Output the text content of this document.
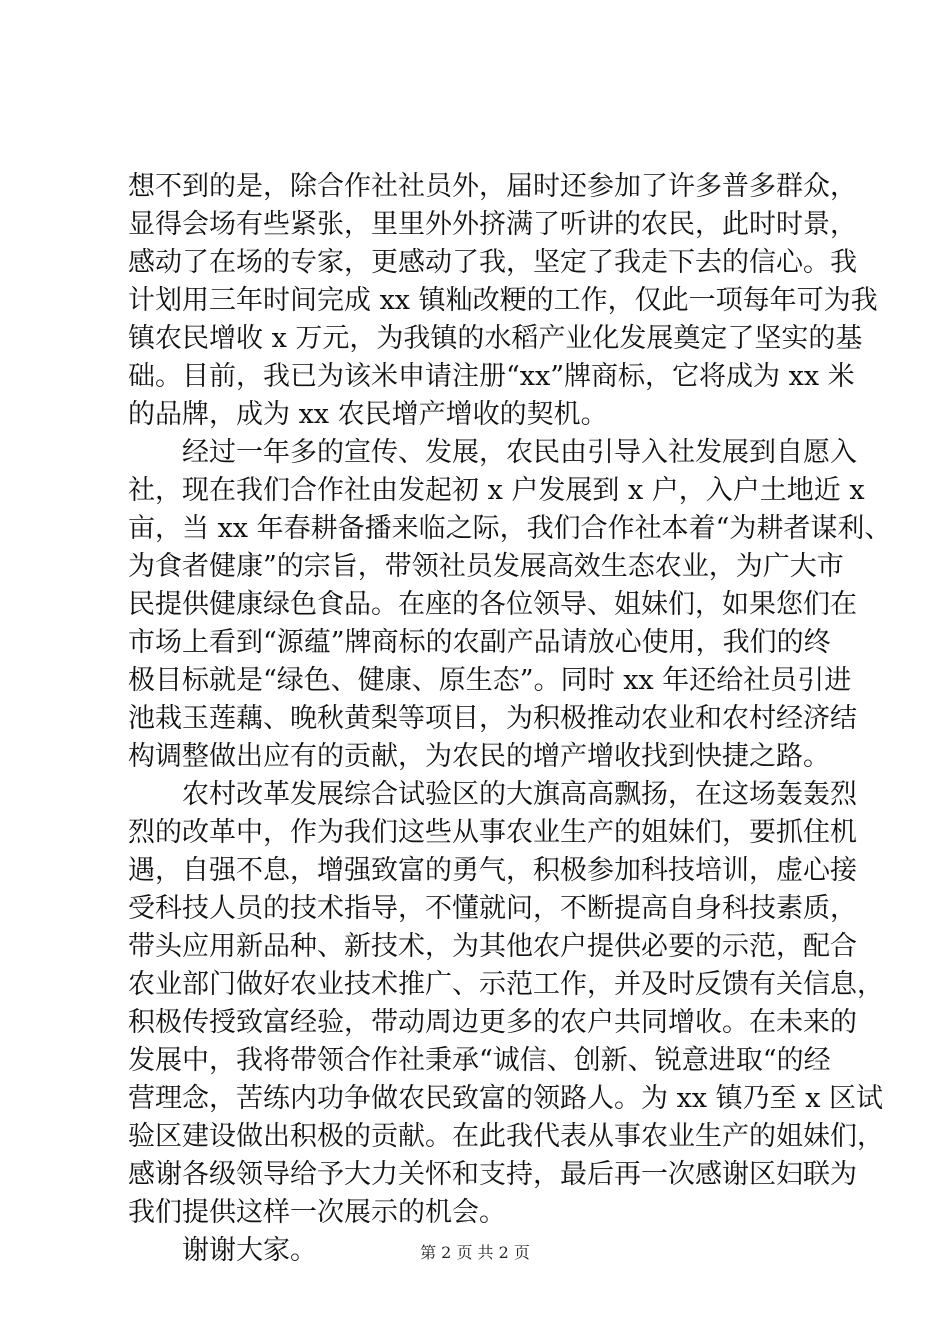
想不到的是，除合作社社员外，届时还参加了许多普多群众，
显得会场有些紧张，里里外外挤满了听讲的农民，此时时景，
感动了在场的专家，更感动了我，坚定了我走下去的信心。我
计划用三年时间完成 xx 镇籼改粳的工作，仅此一项每年可为我
镇农民增收 x 万元，为我镇的水稻产业化发展奠定了坚实的基
础。目前，我已为该米申请注册“xx”牌商标，它将成为 xx 米
的品牌，成为 xx 农民增产增收的契机。
经过一年多的宣传、发展，农民由引导入社发展到自愿入
社，现在我们合作社由发起初 x 户发展到 x 户，入户土地近 x
亩，当 xx 年春耕备播来临之际，我们合作社本着“为耕者谋利、
为食者健康”的宗旨，带领社员发展高效生态农业，为广大市
民提供健康绿色食品。在座的各位领导、姐妹们，如果您们在
市场上看到“源蕴”牌商标的农副产品请放心使用，我们的终
极目标就是“绿色、健康、原生态”。同时 xx 年还给社员引进
池栽玉莲藕、晚秋黄梨等项目，为积极推动农业和农村经济结
构调整做出应有的贡献，为农民的增产增收找到快捷之路。
农村改革发展综合试验区的大旗高高飘扬，在这场轰轰烈
烈的改革中，作为我们这些从事农业生产的姐妹们，要抓住机
遇，自强不息，增强致富的勇气，积极参加科技培训，虚心接
受科技人员的技术指导，不懂就问，不断提高自身科技素质，
带头应用新品种、新技术，为其他农户提供必要的示范，配合
农业部门做好农业技术推广、示范工作，并及时反馈有关信息，
积极传授致富经验，带动周边更多的农户共同增收。在未来的
发展中，我将带领合作社秉承“诚信、创新、锐意进取“的经
营理念，苦练内功争做农民致富的领路人。为 xx 镇乃至 x 区试
验区建设做出积极的贡献。在此我代表从事农业生产的姐妹们，
感谢各级领导给予大力关怀和支持，最后再一次感谢区妇联为
我们提供这样一次展示的机会。
谢谢大家。	第 2 页 共 2 页
